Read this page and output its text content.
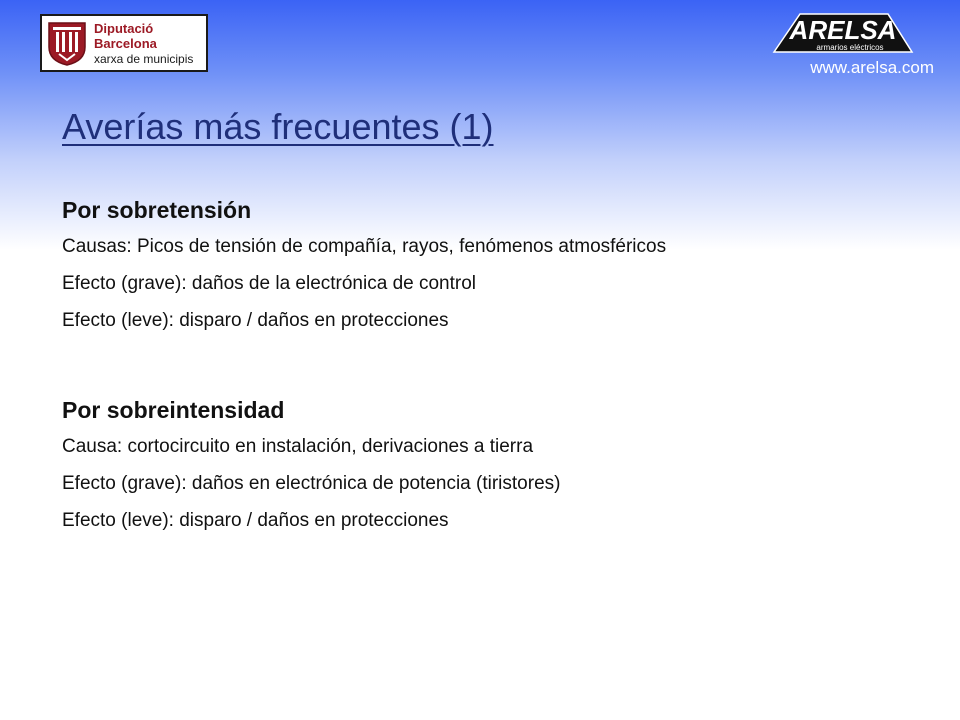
Diputació
Barcelona
xarxa de municipis
ARELSA
armarios eléctricos
www.arelsa.com
Averías más frecuentes (1)
Por sobretensión
Causas: Picos de tensión de compañía, rayos, fenómenos atmosféricos
Efecto (grave): daños de la electrónica de control
Efecto (leve): disparo / daños en protecciones
Por sobreintensidad
Causa: cortocircuito en instalación, derivaciones a tierra
Efecto (grave): daños en electrónica de potencia (tiristores)
Efecto (leve): disparo / daños en protecciones
